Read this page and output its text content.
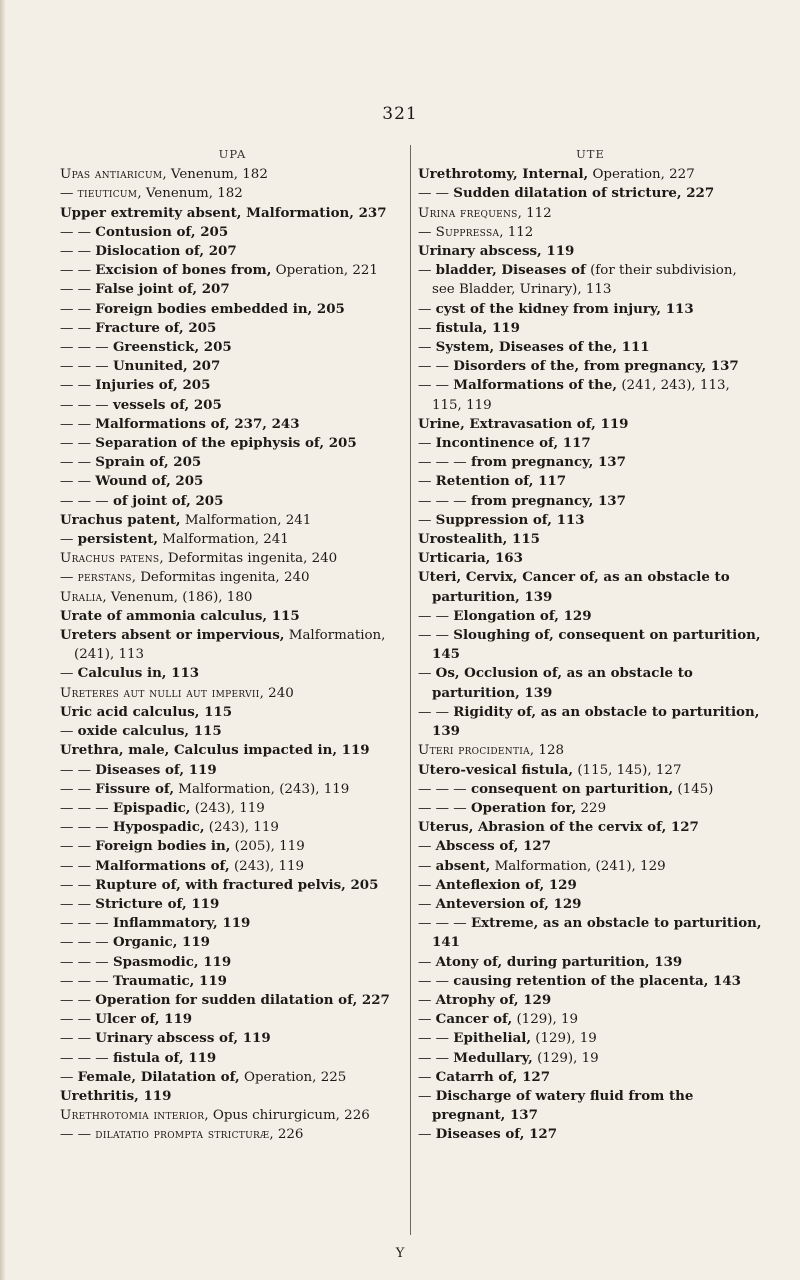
321
UPA
Upas antiaricum, Venenum, 182
— tieuticum, Venenum, 182
Upper extremity absent, Malformation, 237
— — Contusion of, 205
— — Dislocation of, 207
— — Excision of bones from, Operation, 221
— — False joint of, 207
— — Foreign bodies embedded in, 205
— — Fracture of, 205
— — — Greenstick, 205
— — — Ununited, 207
— — Injuries of, 205
— — — vessels of, 205
— — Malformations of, 237, 243
— — Separation of the epiphysis of, 205
— — Sprain of, 205
— — Wound of, 205
— — — of joint of, 205
Urachus patent, Malformation, 241
— persistent, Malformation, 241
Urachus patens, Deformitas ingenita, 240
— perstans, Deformitas ingenita, 240
Uralia, Venenum, (186), 180
Urate of ammonia calculus, 115
Ureters absent or impervious, Malformation, (241), 113
— Calculus in, 113
Ureteres aut nulli aut impervii, 240
Uric acid calculus, 115
— oxide calculus, 115
Urethra, male, Calculus impacted in, 119
— — Diseases of, 119
— — Fissure of, Malformation, (243), 119
— — — Epispadic, (243), 119
— — — Hypospadic, (243), 119
— — Foreign bodies in, (205), 119
— — Malformations of, (243), 119
— — Rupture of, with fractured pelvis, 205
— — Stricture of, 119
— — — Inflammatory, 119
— — — Organic, 119
— — — Spasmodic, 119
— — — Traumatic, 119
— — Operation for sudden dilatation of, 227
— — Ulcer of, 119
— — Urinary abscess of, 119
— — — fistula of, 119
— Female, Dilatation of, Operation, 225
Urethritis, 119
Urethrotomia interior, Opus chirurgicum, 226
— — dilatatio prompta stricturæ, 226
UTE
Urethrotomy, Internal, Operation, 227
— — Sudden dilatation of stricture, 227
Urina frequens, 112
— Suppressa, 112
Urinary abscess, 119
— bladder, Diseases of (for their subdivision, see Bladder, Urinary), 113
— cyst of the kidney from injury, 113
— fistula, 119
— System, Diseases of the, 111
— — Disorders of the, from pregnancy, 137
— — Malformations of the, (241, 243), 113, 115, 119
Urine, Extravasation of, 119
— Incontinence of, 117
— — — from pregnancy, 137
— Retention of, 117
— — — from pregnancy, 137
— Suppression of, 113
Urostealith, 115
Urticaria, 163
Uteri, Cervix, Cancer of, as an obstacle to parturition, 139
— — Elongation of, 129
— — Sloughing of, consequent on parturition, 145
— Os, Occlusion of, as an obstacle to parturition, 139
— — Rigidity of, as an obstacle to parturition, 139
Uteri procidentia, 128
Utero-vesical fistula, (115, 145), 127
— — — consequent on parturition, (145)
— — — Operation for, 229
Uterus, Abrasion of the cervix of, 127
— Abscess of, 127
— absent, Malformation, (241), 129
— Anteflexion of, 129
— Anteversion of, 129
— — — Extreme, as an obstacle to parturition, 141
— Atony of, during parturition, 139
— — causing retention of the placenta, 143
— Atrophy of, 129
— Cancer of, (129), 19
— — Epithelial, (129), 19
— — Medullary, (129), 19
— Catarrh of, 127
— Discharge of watery fluid from the pregnant, 137
— Diseases of, 127
Y
